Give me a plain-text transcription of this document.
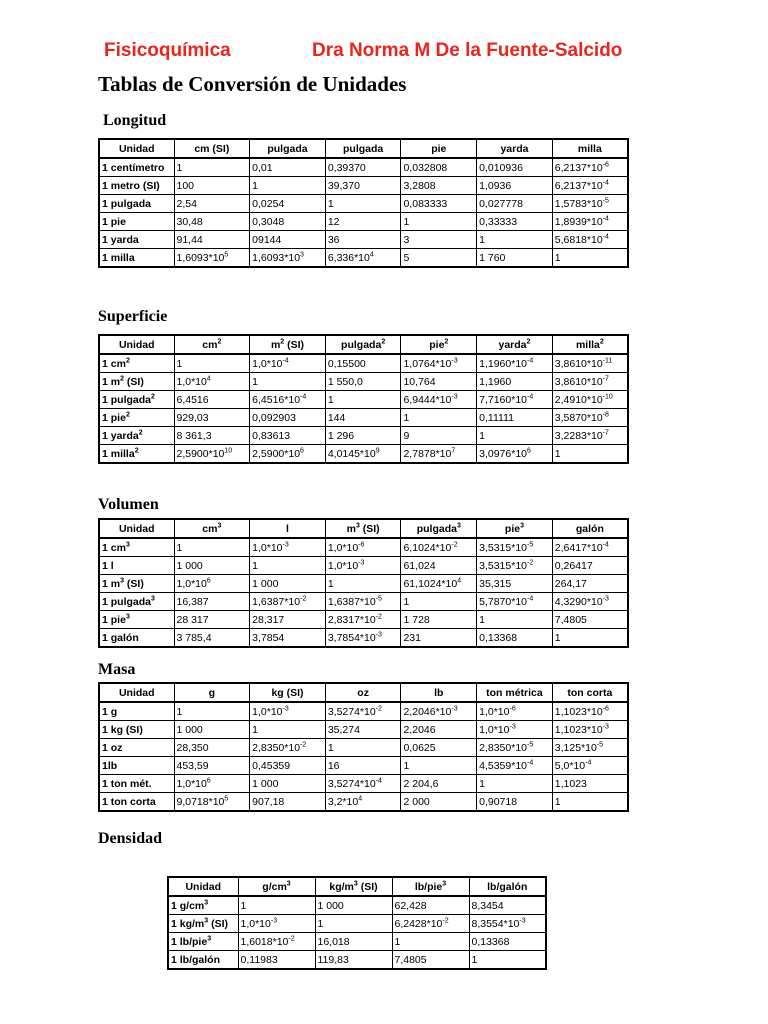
Fisicoquímica	Dra Norma M De la Fuente-Salcido
Tablas de Conversión de Unidades
Longitud
Unidad	cm (SI)	pulgada	pulgada	pie	yarda	milla
1 centímetro	1	0,01	0,39370	0,032808	0,010936	$6,2137*10^{-6}$
1 metro (SI)	100	1	39,370	3,2808	1,0936	$6,2137*10^{-4}$
1 pulgada	2,54	0,0254	1	0,083333	0,027778	$1,5783*10^{-5}$
1 pie	30,48	0,3048	12	1	0,33333	$1,8939*10^{-4}$
1 yarda	91,44	09144	36	3	1	$5,6818*10^{-4}$
1 milla	$1,6093*10^5$	$1,6093*10^3$	$6,336*10^4$	5	1 760	1
Superficie
Unidad	$cm^2$	$m^2$ (SI)	pulgada$^2$	pie$^2$	yarda$^2$	milla$^2$
1 $cm^2$	1	$1,0*10^{-4}$	0,15500	$1,0764*10^{-3}$	$1,1960*10^{-4}$	$3,8610*10^{-11}$
1 $m^2$ (SI)	$1,0*10^4$	1	1 550,0	10,764	1,1960	$3,8610*10^{-7}$
1 pulgada$^2$	6,4516	$6,4516*10^{-4}$	1	$6,9444*10^{-3}$	$7,7160*10^{-4}$	$2,4910*10^{-10}$
1 pie$^2$	929,03	0,092903	144	1	0,11111	$3,5870*10^{-8}$
1 yarda$^2$	8 361,3	0,83613	1 296	9	1	$3,2283*10^{-7}$
1 milla$^2$	$2,5900*10^{10}$	$2,5900*10^6$	$4,0145*10^9$	$2,7878*10^7$	$3,0976*10^6$	1
Volumen
Unidad	$cm^3$	l	$m^3$ (SI)	pulgada$^3$	pie$^3$	galón
1 $cm^3$	1	$1,0*10^{-3}$	$1,0*10^{-6}$	$6,1024*10^{-2}$	$3,5315*10^{-5}$	$2,6417*10^{-4}$
1 l	1 000	1	$1,0*10^{-3}$	61,024	$3,5315*10^{-2}$	0,26417
1 $m^3$ (SI)	$1,0*10^6$	1 000	1	$61,1024*10^4$	35,315	264,17
1 pulgada$^3$	16,387	$1,6387*10^{-2}$	$1,6387*10^{-5}$	1	$5,7870*10^{-4}$	$4,3290*10^{-3}$
1 pie$^3$	28 317	28,317	$2,8317*10^{-2}$	1 728	1	7,4805
1 galón	3 785,4	3,7854	$3,7854*10^{-3}$	231	0,13368	1
Masa
Unidad	g	kg (SI)	oz	lb	ton métrica	ton corta
1 g	1	$1,0*10^{-3}$	$3,5274*10^{-2}$	$2,2046*10^{-3}$	$1,0*10^{-6}$	$1,1023*10^{-6}$
1 kg (SI)	1 000	1	35,274	2,2046	$1,0*10^{-3}$	$1,1023*10^{-3}$
1 oz	28,350	$2,8350*10^{-2}$	1	0,0625	$2,8350*10^{-5}$	$3,125*10^{-5}$
1lb	453,59	0,45359	16	1	$4,5359*10^{-4}$	$5,0*10^{-4}$
1 ton mét.	$1,0*10^6$	1 000	$3,5274*10^{-4}$	2 204,6	1	1,1023
1 ton corta	$9,0718*10^5$	907,18	$3,2*10^4$	2 000	0,90718	1
Densidad
Unidad	$g/cm^3$	$kg/m^3$ (SI)	lb/pie$^3$	lb/galón
1 $g/cm^3$	1	1 000	62,428	8,3454
1 $kg/m^3$ (SI)	$1,0*10^{-3}$	1	$6,2428*10^{-2}$	$8,3554*10^{-3}$
1 lb/pie$^3$	$1,6018*10^{-2}$	16,018	1	0,13368
1 lb/galón	0,11983	119,83	7,4805	1
